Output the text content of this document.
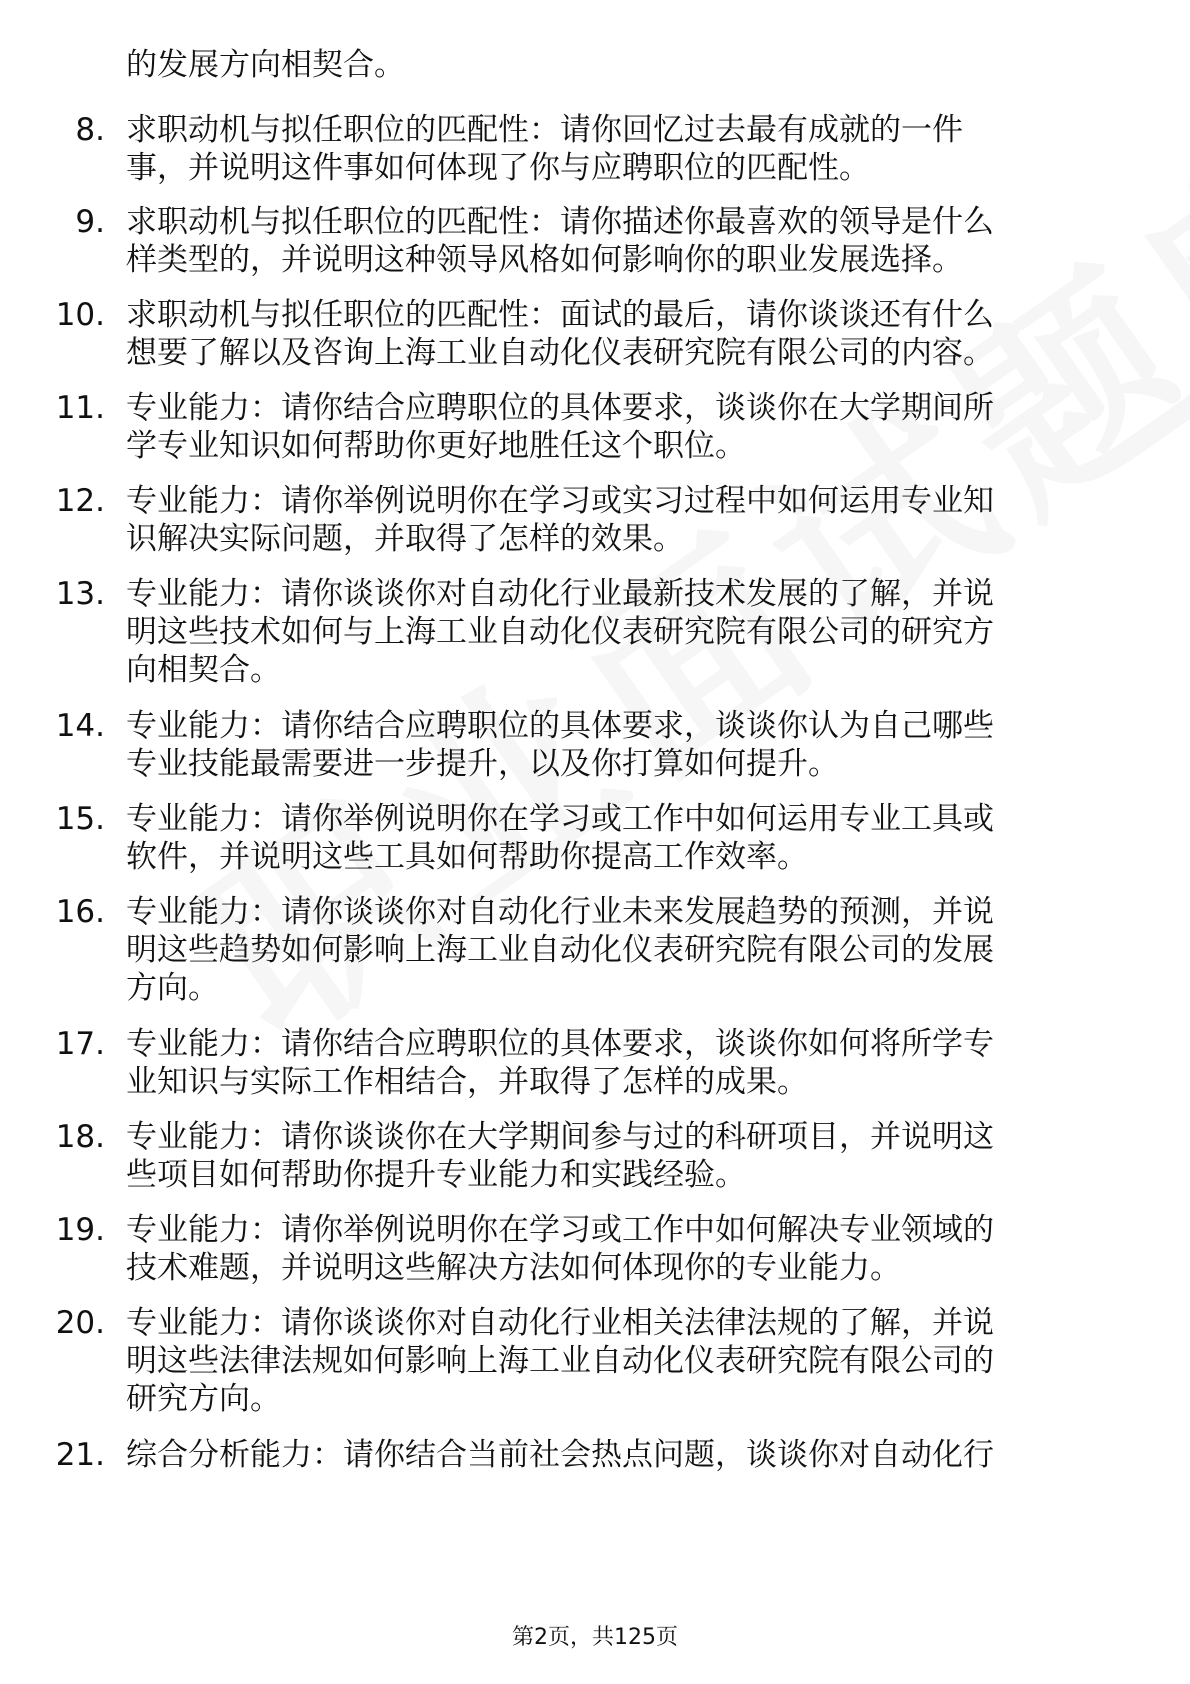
的发展方向相契合。
8. 求职动机与拟任职位的匹配性：请你回忆过去最有成就的一件
事，并说明这件事如何体现了你与应聘职位的匹配性。
9. 求职动机与拟任职位的匹配性：请你描述你最喜欢的领导是什么
样类型的，并说明这种领导风格如何影响你的职业发展选择。
10. 求职动机与拟任职位的匹配性：面试的最后，请你谈谈还有什么
想要了解以及咨询上海工业自动化仪表研究院有限公司的内容。
11. 专业能力：请你结合应聘职位的具体要求，谈谈你在大学期间所
学专业知识如何帮助你更好地胜任这个职位。
12. 专业能力：请你举例说明你在学习或实习过程中如何运用专业知
识解决实际问题，并取得了怎样的效果。
13. 专业能力：请你谈谈你对自动化行业最新技术发展的了解，并说
明这些技术如何与上海工业自动化仪表研究院有限公司的研究方
向相契合。
14. 专业能力：请你结合应聘职位的具体要求，谈谈你认为自己哪些
专业技能最需要进一步提升，以及你打算如何提升。
15. 专业能力：请你举例说明你在学习或工作中如何运用专业工具或
软件，并说明这些工具如何帮助你提高工作效率。
16. 专业能力：请你谈谈你对自动化行业未来发展趋势的预测，并说
明这些趋势如何影响上海工业自动化仪表研究院有限公司的发展
方向。
17. 专业能力：请你结合应聘职位的具体要求，谈谈你如何将所学专
业知识与实际工作相结合，并取得了怎样的成果。
18. 专业能力：请你谈谈你在大学期间参与过的科研项目，并说明这
些项目如何帮助你提升专业能力和实践经验。
19. 专业能力：请你举例说明你在学习或工作中如何解决专业领域的
技术难题，并说明这些解决方法如何体现你的专业能力。
20. 专业能力：请你谈谈你对自动化行业相关法律法规的了解，并说
明这些法律法规如何影响上海工业自动化仪表研究院有限公司的
研究方向。
21. 综合分析能力：请你结合当前社会热点问题，谈谈你对自动化行
第2页，共125页
